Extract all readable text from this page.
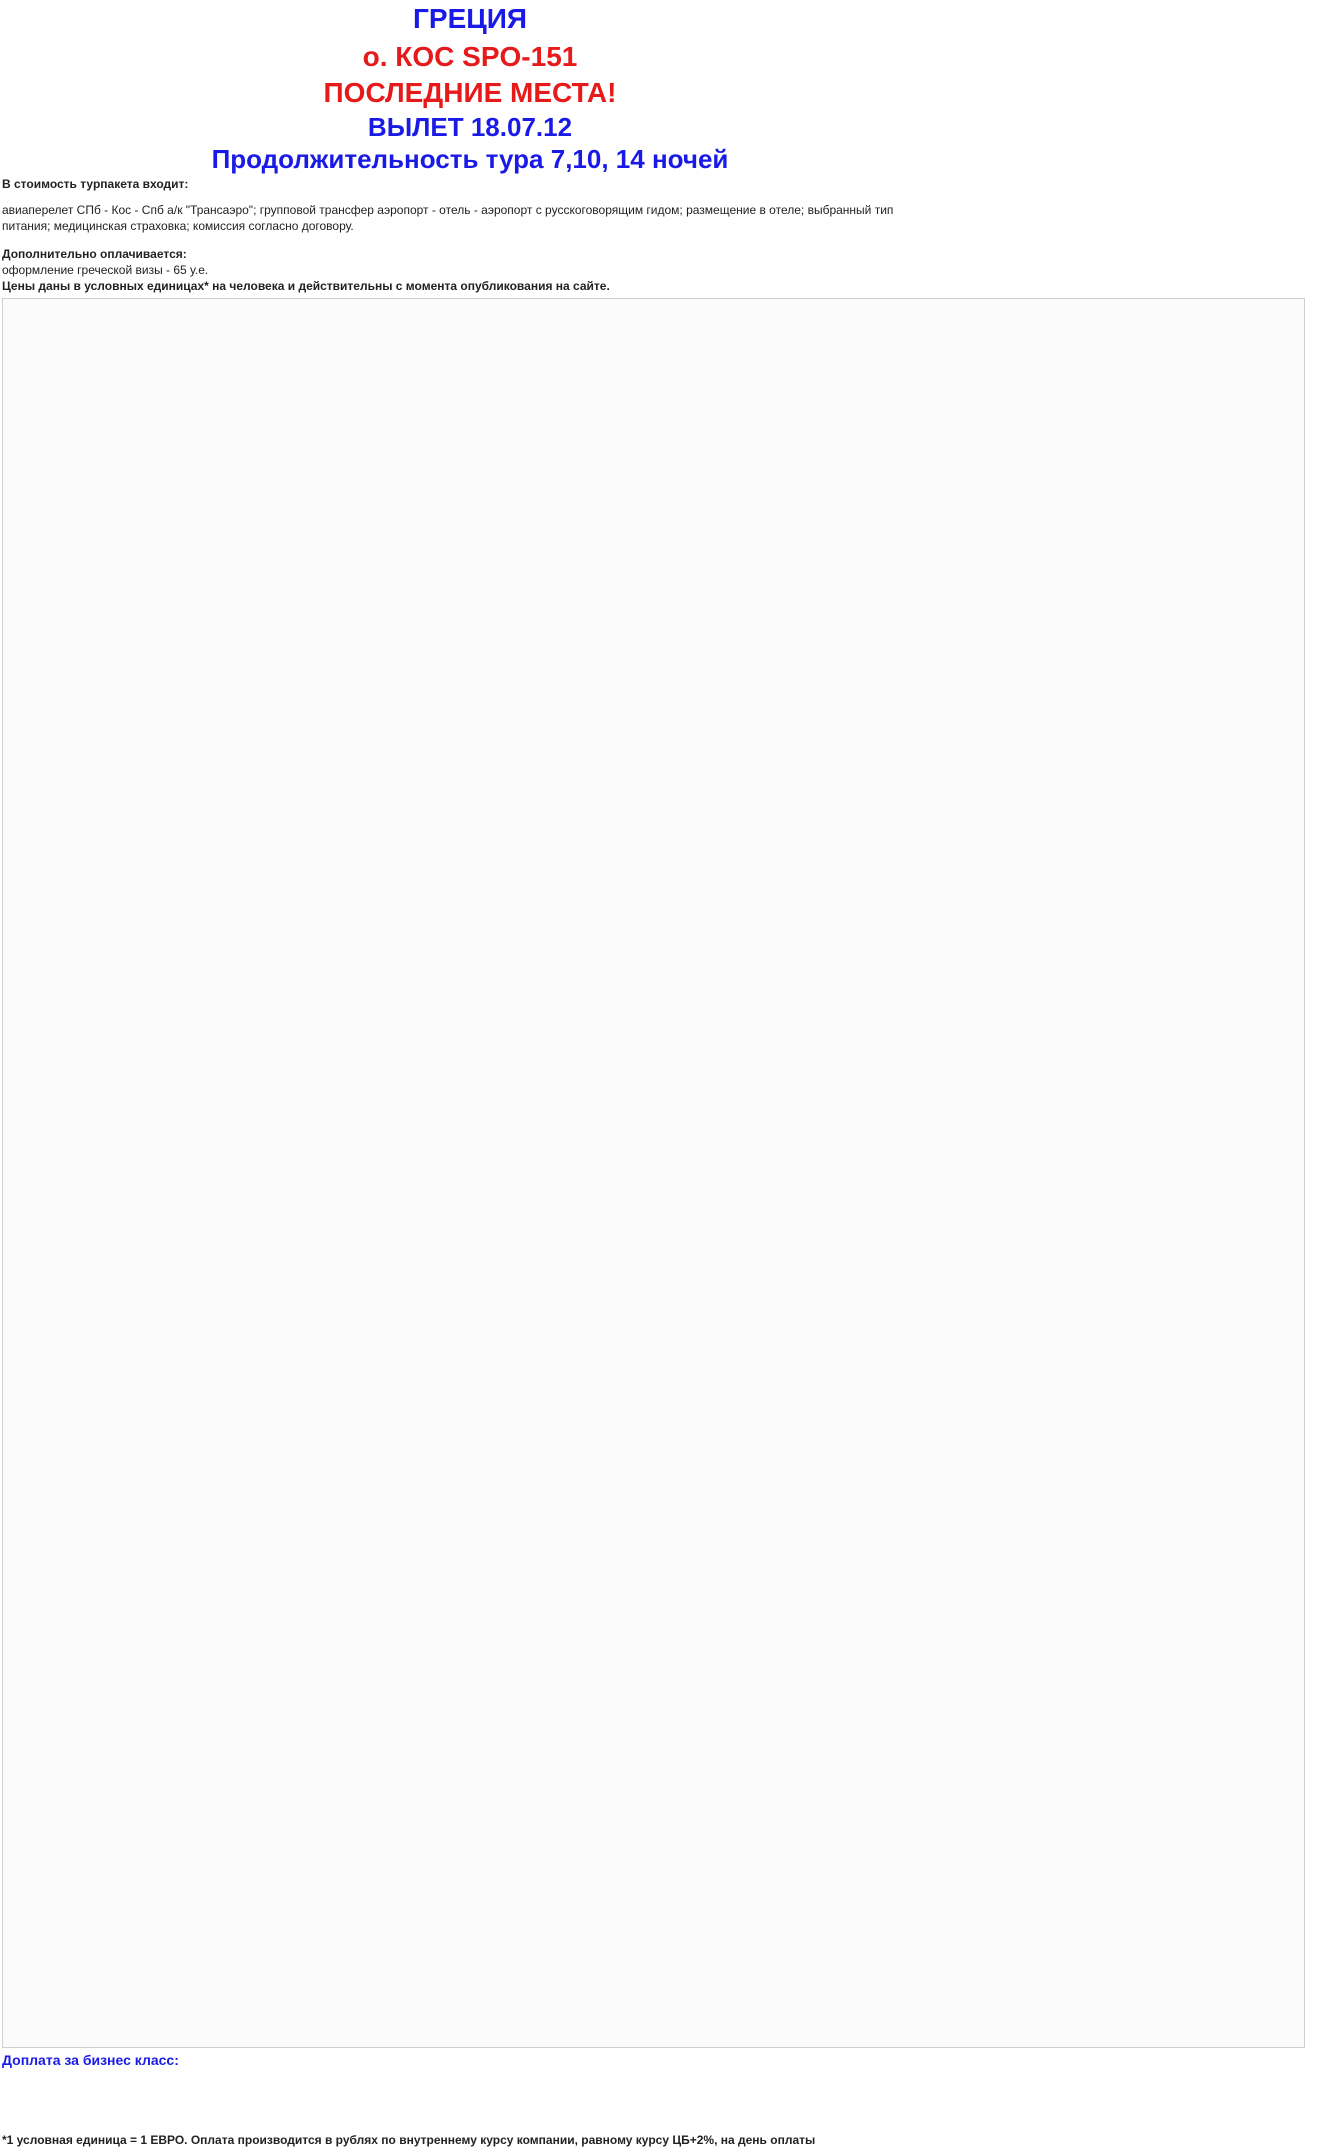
ГРЕЦИЯ
о. КОС SPO-151
ПОСЛЕДНИЕ МЕСТА!
ВЫЛЕТ 18.07.12
Продолжительность тура 7,10, 14 ночей
В стоимость турпакета входит:
авиаперелет СПб - Кос - Спб а/к "Трансаэро"; групповой трансфер аэропорт - отель - аэропорт с русскоговорящим гидом; размещение в отеле; выбранный тип питания; медицинская страховка; комиссия согласно договору.
Дополнительно оплачивается:
оформление греческой визы - 65 у.е.
Цены даны в условных единицах* на человека и действительны с момента опубликования на сайте.
Доплата за бизнес класс:
*1 условная единица = 1 ЕВРО. Оплата производится в рублях по внутреннему курсу компании, равному курсу ЦБ+2%, на день оплаты
